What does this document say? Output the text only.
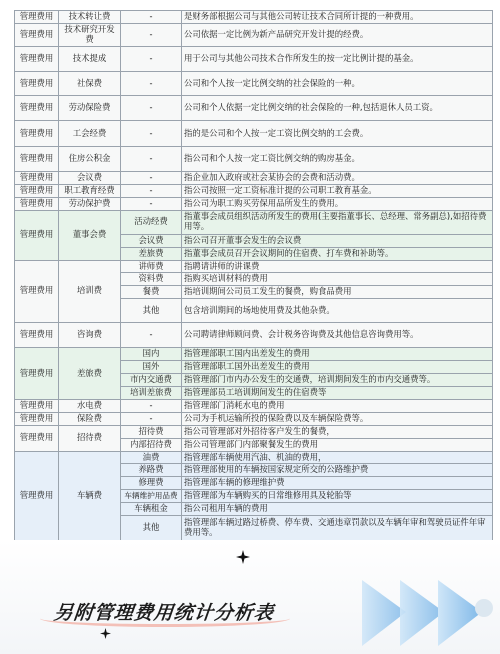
管理费用	技术转让费	-	是财务部根据公司与其他公司转让技术合同所计提的一种费用。
管理费用	技术研究开发费	-	公司依据一定比例为新产品研究开发计提的经费。
管理费用	技术提成	-	用于公司与其他公司技术合作所发生的按一定比例计提的基金。
管理费用	社保费	-	公司和个人按一定比例交纳的社会保险的一种。
管理费用	劳动保险费	-	公司和个人依据一定比例交纳的社会保险的一种,包括退休人员工资。
管理费用	工会经费	-	指的是公司和个人按一定工资比例交纳的工会费。
管理费用	住房公积金	-	指公司和个人按一定工资比例交纳的购房基金。
管理费用	会议费	-	指企业加入政府或社会某协会的会费和活动费。
管理费用	职工教育经费	-	指公司按照一定工资标准计提的公司职工教育基金。
管理费用	劳动保护费	-	指公司为职工购买劳保用品所发生的费用。
管理费用	董事会费	活动经费	指董事会成员组织活动所发生的费用(主要指董事长、总经理、常务副总),如招待费用等。
		会议费	指公司召开董事会发生的会议费
		差旅费	指董事会成员召开会议期间的住宿费、打车费和补助等。
管理费用	培训费	讲师费	指聘请讲师的讲课费
		资料费	指购买培训材料的费用
		餐费	指培训期间公司员工发生的餐费，购食品费用
		其他	包含培训期间的场地使用费及其他杂费。
管理费用	咨询费	-	公司聘请律师顾问费、会计税务咨询费及其他信息咨询费用等。
管理费用	差旅费	国内	指管理部职工国内出差发生的费用
		国外	指管理部职工国外出差发生的费用
		市内交通费	指管理部门市内办公发生的交通费，培训期间发生的市内交通费等。
		培训差旅费	指管理部员工培训期间发生的住宿费等
管理费用	水电费	-	指管理部门消耗水电的费用
管理费用	保险费	-	公司为手机运输所投的保险费以及车辆保险费等。
管理费用	招待费	招待费	指公司管理部对外招待客户发生的餐费，
		内部招待费	指公司管理部门内部聚餐发生的费用
管理费用	车辆费	油费	指管理部车辆使用汽油、机油的费用，
		养路费	指管理部使用的车辆按国家规定所交的公路维护费
		修理费	指管理部车辆的修理维护费
		车辆维护用品费	指管理部为车辆购买的日常维修用具及轮胎等
		车辆租金	指公司租用车辆的费用
		其他	指管理部车辆过路过桥费、停车费、交通违章罚款以及车辆年审和驾驶员证件年审费用等。
另附管理费用统计分析表
